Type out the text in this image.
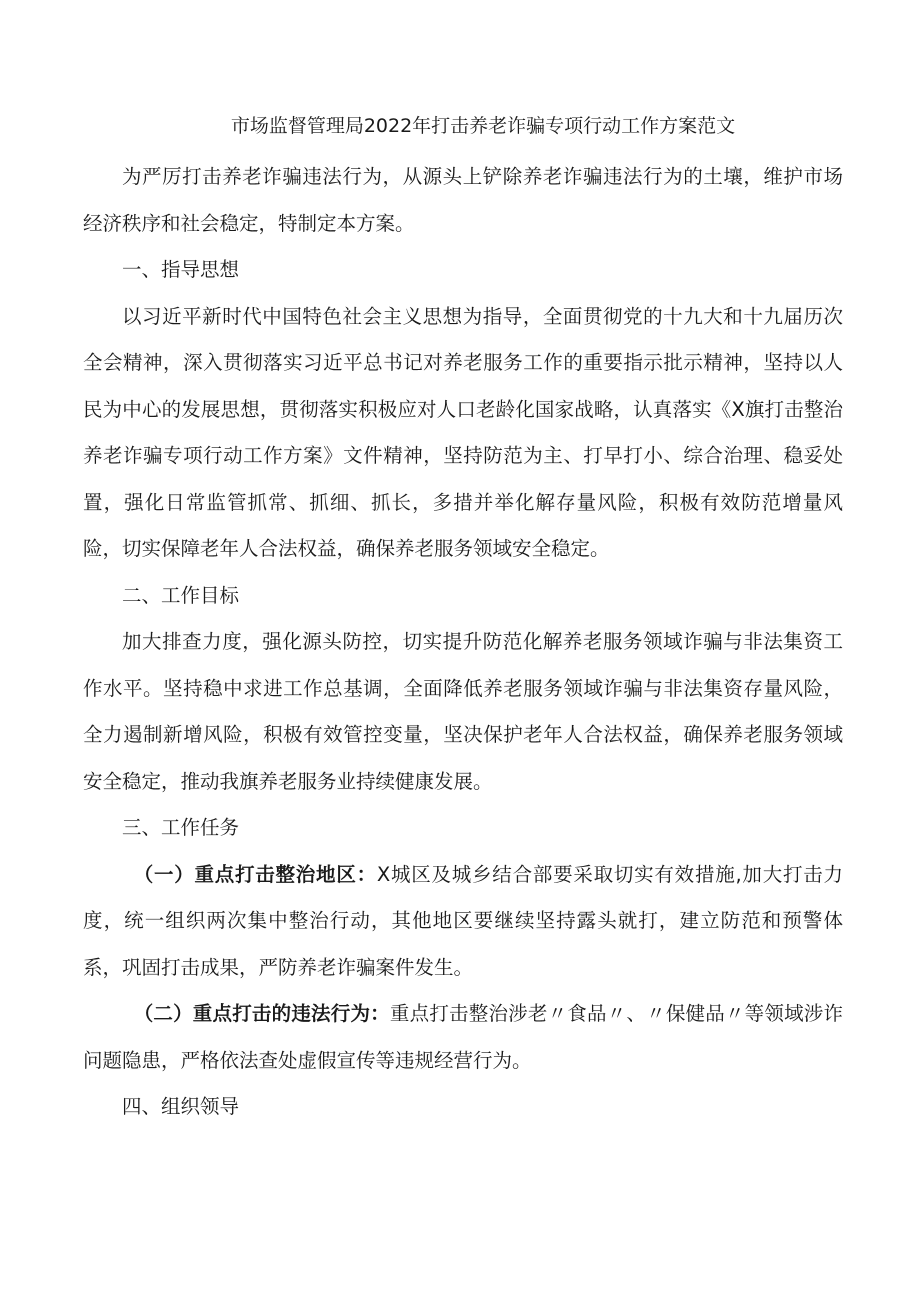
市场监督管理局2022年打击养老诈骗专项行动工作方案范文

为严厉打击养老诈骗违法行为，从源头上铲除养老诈骗违法行为的土壤，维护市场经济秩序和社会稳定，特制定本方案。

一、指导思想

以习近平新时代中国特色社会主义思想为指导，全面贯彻党的十九大和十九届历次全会精神，深入贯彻落实习近平总书记对养老服务工作的重要指示批示精神，坚持以人民为中心的发展思想，贯彻落实积极应对人口老龄化国家战略，认真落实《X旗打击整治养老诈骗专项行动工作方案》文件精神，坚持防范为主、打早打小、综合治理、稳妥处置，强化日常监管抓常、抓细、抓长，多措并举化解存量风险，积极有效防范增量风险，切实保障老年人合法权益，确保养老服务领域安全稳定。

二、工作目标

加大排查力度，强化源头防控，切实提升防范化解养老服务领域诈骗与非法集资工作水平。坚持稳中求进工作总基调，全面降低养老服务领域诈骗与非法集资存量风险，全力遏制新增风险，积极有效管控变量，坚决保护老年人合法权益，确保养老服务领域安全稳定，推动我旗养老服务业持续健康发展。

三、工作任务

（一）重点打击整治地区：X城区及城乡结合部要采取切实有效措施,加大打击力度，统一组织两次集中整治行动，其他地区要继续坚持露头就打，建立防范和预警体系，巩固打击成果，严防养老诈骗案件发生。

（二）重点打击的违法行为：重点打击整治涉老〃食品〃、〃保健品〃等领域涉诈问题隐患，严格依法查处虚假宣传等违规经营行为。

四、组织领导
